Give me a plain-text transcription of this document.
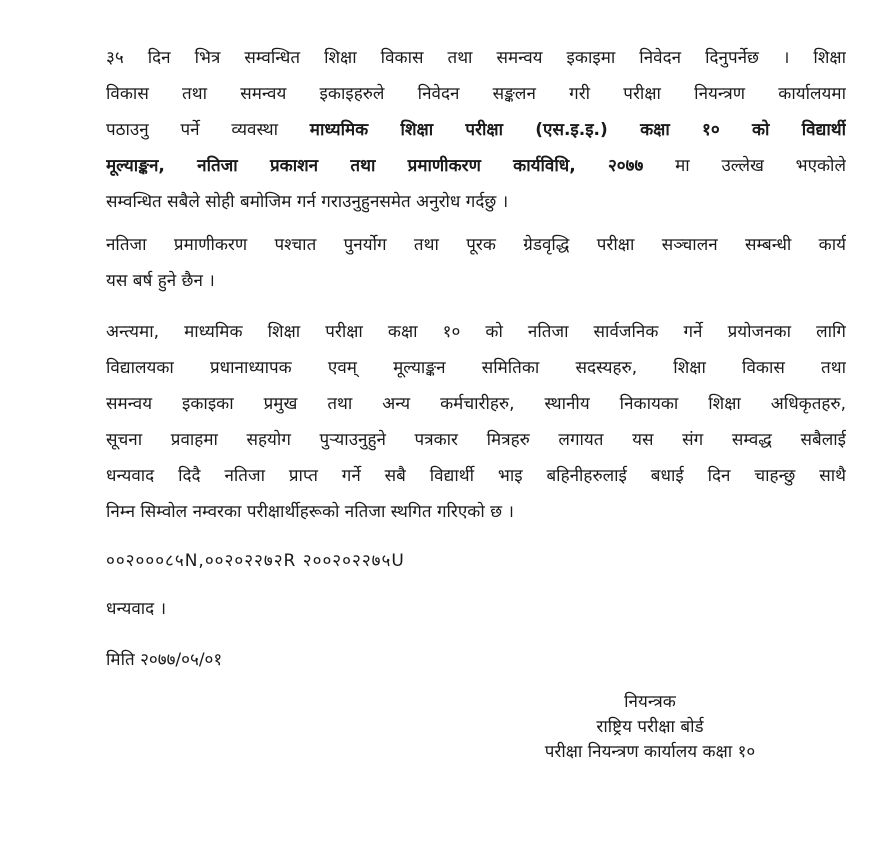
३५ दिन भित्र सम्वन्धित शिक्षा विकास तथा समन्वय इकाइमा निवेदन दिनुपर्नेछ । शिक्षा
विकास तथा समन्वय इकाइहरुले निवेदन सङ्कलन गरी परीक्षा नियन्त्रण कार्यालयमा
पठाउनु पर्ने व्यवस्था माध्यमिक शिक्षा परीक्षा (एस.इ.इ.) कक्षा १० को विद्यार्थी
मूल्याङ्कन, नतिजा प्रकाशन तथा प्रमाणीकरण कार्यविधि, २०७७ मा उल्लेख भएकोले
सम्वन्धित सबैले सोही बमोजिम गर्न गराउनुहुनसमेत अनुरोध गर्दछु ।
नतिजा प्रमाणीकरण पश्चात पुनर्योग तथा पूरक ग्रेडवृद्धि परीक्षा सञ्चालन सम्बन्धी कार्य
यस बर्ष हुने छैन ।
अन्त्यमा, माध्यमिक शिक्षा परीक्षा कक्षा १० को नतिजा सार्वजनिक गर्ने प्रयोजनका लागि
विद्यालयका प्रधानाध्यापक एवम् मूल्याङ्कन समितिका सदस्यहरु, शिक्षा विकास तथा
समन्वय इकाइका प्रमुख तथा अन्य कर्मचारीहरु, स्थानीय निकायका शिक्षा अधिकृतहरु,
सूचना प्रवाहमा सहयोग पुऱ्याउनुहुने पत्रकार मित्रहरु लगायत यस संग सम्वद्ध सबैलाई
धन्यवाद दिदै नतिजा प्राप्त गर्ने सबै विद्यार्थी भाइ बहिनीहरुलाई बधाई दिन चाहन्छु साथै
निम्न सिम्वोल नम्वरका परीक्षार्थीहरूको नतिजा स्थगित गरिएको छ ।
००२०००८५N,००२०२२७२R २००२०२२७५U
धन्यवाद ।
मिति २०७७/०५/०१
नियन्त्रक
राष्ट्रिय परीक्षा बोर्ड
परीक्षा नियन्त्रण कार्यालय कक्षा १०
